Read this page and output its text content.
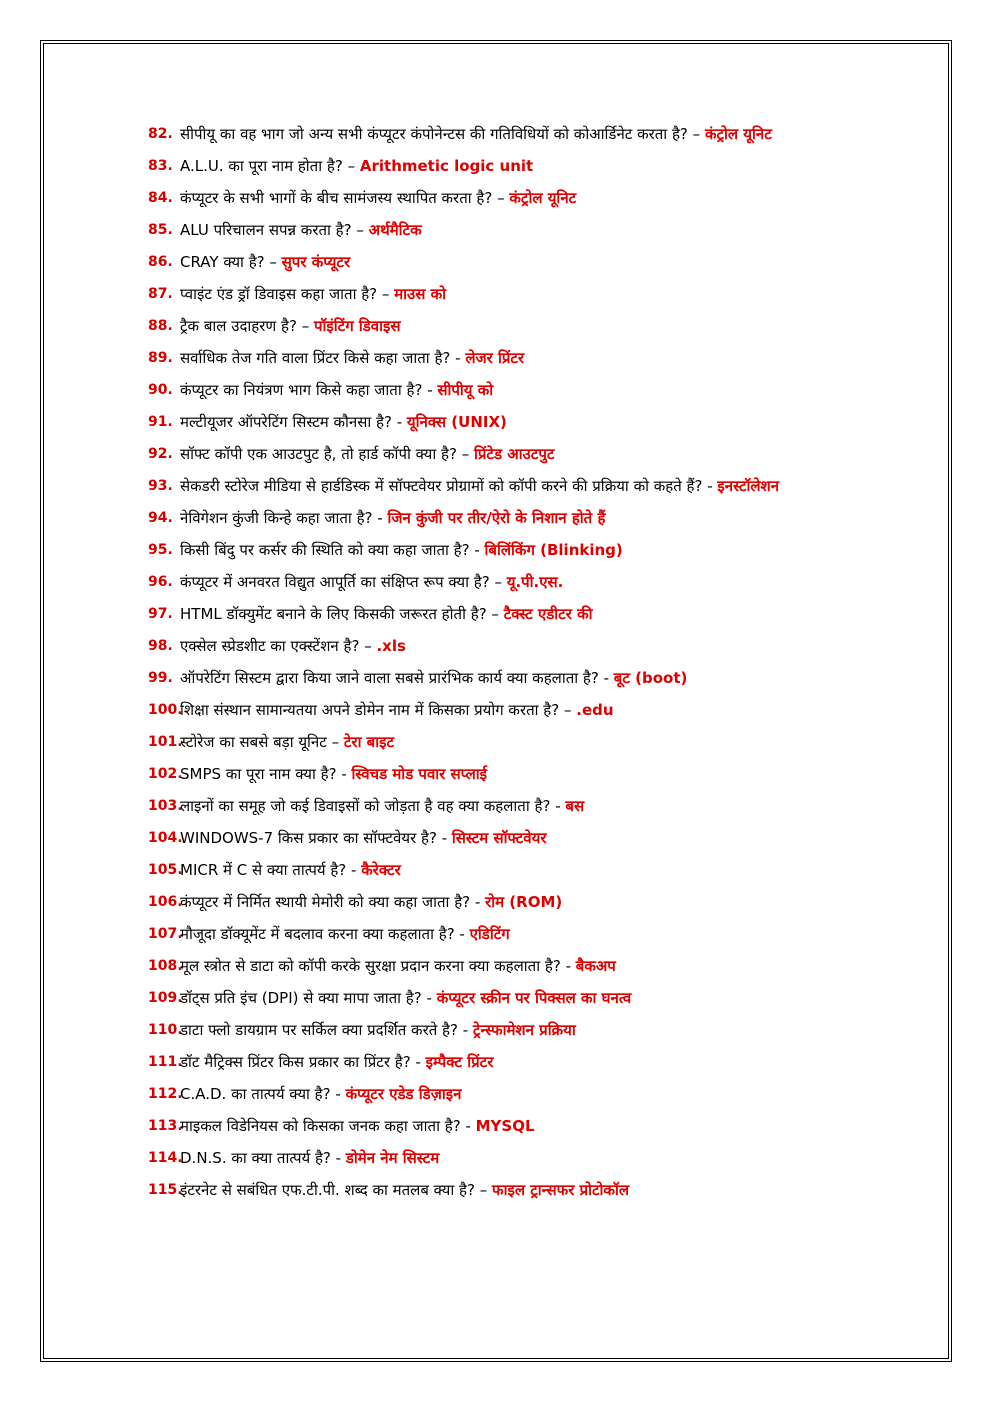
82. सीपीयू का वह भाग जो अन्य सभी कंप्यूटर कंपोनेन्टस की गतिविधियों को कोआर्डिनेट करता है? – कंट्रोल यूनिट
83. A.L.U. का पूरा नाम होता है? – Arithmetic logic unit
84. कंप्यूटर के सभी भागों के बीच सामंजस्य स्थापित करता है? – कंट्रोल यूनिट
85. ALU परिचालन सपन्न करता है? – अर्थमैटिक
86. CRAY क्या है? – सुपर कंप्यूटर
87. प्वाइंट एंड ड्रॉ डिवाइस कहा जाता है? – माउस को
88. ट्रैक बाल उदाहरण है? – पॉइंटिंग डिवाइस
89. सर्वाधिक तेज गति वाला प्रिंटर किसे कहा जाता है? - लेजर प्रिंटर
90. कंप्यूटर का नियंत्रण भाग किसे कहा जाता है? - सीपीयू को
91. मल्टीयूजर ऑपरेटिंग सिस्टम कौनसा है? - यूनिक्स (UNIX)
92. सॉफ्ट कॉपी एक आउटपुट है, तो हार्ड कॉपी क्या है? – प्रिंटेड आउटपुट
93. सेकडरी स्टोरेज मीडिया से हार्डडिस्क में सॉफ्टवेयर प्रोग्रामों को कॉपी करने की प्रक्रिया को कहते हैं? - इनस्टॉलेशन
94. नेविगेशन कुंजी किन्हे कहा जाता है? - जिन कुंजी पर तीर/ऐरो के निशान होते हैं
95. किसी बिंदु पर कर्सर की स्थिति को क्या कहा जाता है? - बिलिंकिंग (Blinking)
96. कंप्यूटर में अनवरत विद्युत आपूर्ति का संक्षिप्त रूप क्या है? – यू.पी.एस.
97. HTML डॉक्युमेंट बनाने के लिए किसकी जरूरत होती है? – टैक्स्ट एडीटर की
98. एक्सेल स्प्रेडशीट का एक्स्टेंशन है? – .xls
99. ऑपरेटिंग सिस्टम द्वारा किया जाने वाला सबसे प्रारंभिक कार्य क्या कहलाता है? - बूट (boot)
100.
शिक्षा संस्थान सामान्यतया अपने डोमेन नाम में किसका प्रयोग करता है? – .edu
101.
स्टोरेज का सबसे बड़ा यूनिट – टेरा बाइट
102.
SMPS का पूरा नाम क्या है? - स्विचड मोड पवार सप्लाई
103.
लाइनों का समूह जो कई डिवाइसों को जोड़ता है वह क्या कहलाता है? - बस
104.
WINDOWS-7 किस प्रकार का सॉफ्टवेयर है? - सिस्टम सॉफ्टवेयर
105.
MICR में C से क्या तात्पर्य है? - कैरेक्टर
106.
कंप्यूटर में निर्मित स्थायी मेमोरी को क्या कहा जाता है? - रोम (ROM)
107.
मौजूदा डॉक्यूमेंट में बदलाव करना क्या कहलाता है? - एडिटिंग
108.
मूल स्त्रोत से डाटा को कॉपी करके सुरक्षा प्रदान करना क्या कहलाता है? - बैकअप
109.
डॉट्स प्रति इंच (DPI) से क्या मापा जाता है? - कंप्यूटर स्क्रीन पर पिक्सल का घनत्व
110.
डाटा फ्लो डायग्राम पर सर्किल क्या प्रदर्शित करते है? - ट्रेन्स्फामेशन प्रक्रिया
111.
डॉट मैट्रिक्स प्रिंटर किस प्रकार का प्रिंटर है? - इम्पैक्ट प्रिंटर
112.
C.A.D. का तात्पर्य क्या है? - कंप्यूटर एडेड डिज़ाइन
113.
माइकल विडेनियस को किसका जनक कहा जाता है? - MYSQL
114.
D.N.S. का क्या तात्पर्य है? - डोमेन नेम सिस्टम
115.
इंटरनेट से सबंधित एफ.टी.पी. शब्द का मतलब क्या है? – फाइल ट्रान्सफर प्रोटोकॉल
